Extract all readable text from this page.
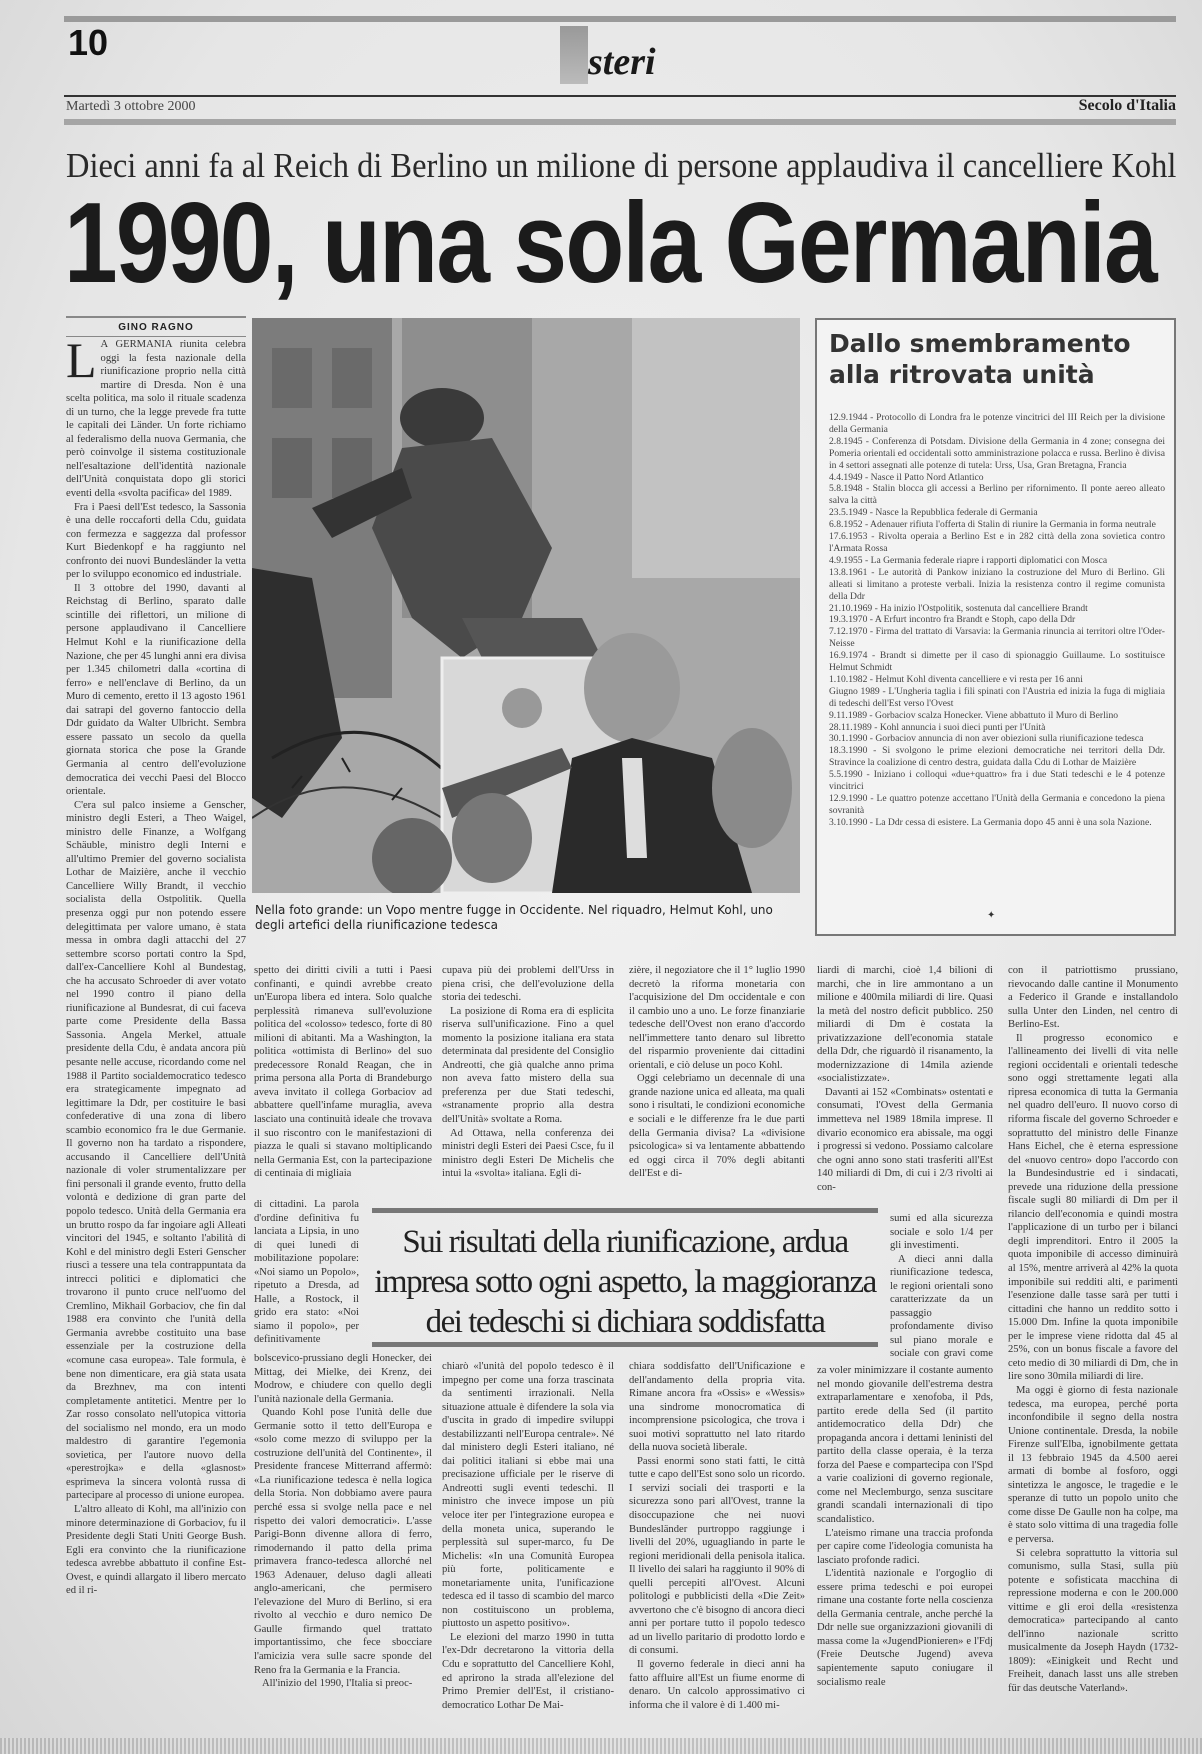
10	steri
Martedì 3 ottobre 2000	Secolo d'Italia
Dieci anni fa al Reich di Berlino un milione di persone applaudiva il cancelliere Kohl
1990, una sola Germania
GINO RAGNO
L A GERMANIA riunita celebra oggi la festa nazionale della riunificazione proprio nella città martire di Dresda. Non è una scelta politica, ma solo il rituale scadenza di un turno, che la legge prevede fra tutte le capitali dei Länder. Un forte richiamo al federalismo della nuova Germania, che però coinvolge il sistema costituzionale nell'esaltazione dell'identità nazionale dell'Unità conquistata dopo gli storici eventi della «svolta pacifica» del 1989.

Fra i Paesi dell'Est tedesco, la Sassonia è una delle roccaforti della Cdu, guidata con fermezza e saggezza dal professor Kurt Biedenkopf e ha raggiunto nel confronto dei nuovi Bundesländer la vetta per lo sviluppo economico ed industriale.

Il 3 ottobre del 1990, davanti al Reichstag di Berlino, sparato dalle scintille dei riflettori, un milione di persone applaudivano il Cancelliere Helmut Kohl e la riunificazione della Nazione, che per 45 lunghi anni era divisa per 1.345 chilometri dalla «cortina di ferro» e nell'enclave di Berlino, da un Muro di cemento, eretto il 13 agosto 1961 dai satrapi del governo fantoccio della Ddr guidato da Walter Ulbricht. Sembra essere passato un secolo da quella giornata storica che pose la Grande Germania al centro dell'evoluzione democratica dei vecchi Paesi del Blocco orientale.

C'era sul palco insieme a Genscher, ministro degli Esteri, a Theo Waigel, ministro delle Finanze, a Wolfgang Schäuble, ministro degli Interni e all'ultimo Premier del governo socialista Lothar de Maizière, anche il vecchio Cancelliere Willy Brandt, il vecchio socialista della Ostpolitik. Quella presenza oggi pur non potendo essere delegittimata per valore umano, è stata messa in ombra dagli attacchi del 27 settembre scorso portati contro la Spd, dall'ex-Cancelliere Kohl al Bundestag, che ha accusato Schroeder di aver votato nel 1990 contro il piano della riunificazione al Bundesrat, di cui faceva parte come Presidente della Bassa Sassonia. Angela Merkel, attuale presidente della Cdu, è andata ancora più pesante nelle accuse, ricordando come nel 1988 il Partito socialdemocratico tedesco era strategicamente impegnato ad legittimare la Ddr, per costituire le basi confederative di una zona di libero scambio economico fra le due Germanie. Il governo non ha tardato a rispondere, accusando il Cancelliere dell'Unità nazionale di voler strumentalizzare per fini personali il grande evento, frutto della volontà e dedizione di gran parte del popolo tedesco. Unità della Germania era un brutto rospo da far ingoiare agli Alleati vincitori del 1945, e soltanto l'abilità di Kohl e del ministro degli Esteri Genscher riuscì a tessere una tela contrappuntata da intrecci politici e diplomatici che trovarono il punto cruce nell'uomo del Cremlino, Mikhail Gorbaciov, che fin dal 1988 era convinto che l'unità della Germania avrebbe costituito una base essenziale per la costruzione della «comune casa europea». Tale formula, è bene non dimenticare, era già stata usata da Brezhnev, ma con intenti completamente antitetici. Mentre per lo Zar rosso consolato nell'utopica vittoria del socialismo nel mondo, era un modo maldestro di garantire l'egemonia sovietica, per l'autore nuovo della «perestrojka» e della «glasnost» esprimeva la sincera volontà russa di partecipare al processo di unione europea.

L'altro alleato di Kohl, ma all'inizio con minore determinazione di Gorbaciov, fu il Presidente degli Stati Uniti George Bush. Egli era convinto che la riunificazione tedesca avrebbe abbattuto il confine Est-Ovest, e quindi allargato il libero mercato ed il ri-

Nella foto grande: un Vopo mentre fugge in Occidente. Nel riquadro, Helmut Kohl, uno degli artefici della riunificazione tedesca
Dallo smembramento
alla ritrovata unità
12.9.1944 - Protocollo di Londra fra le potenze vincitrici del III Reich per la divisione della Germania
2.8.1945 - Conferenza di Potsdam. Divisione della Germania in 4 zone; consegna dei Pomeria orientali ed occidentali sotto amministrazione polacca e russa. Berlino è divisa in 4 settori assegnati alle potenze di tutela: Urss, Usa, Gran Bretagna, Francia
4.4.1949 - Nasce il Patto Nord Atlantico
5.8.1948 - Stalin blocca gli accessi a Berlino per rifornimento. Il ponte aereo alleato salva la città
23.5.1949 - Nasce la Repubblica federale di Germania
6.8.1952 - Adenauer rifiuta l'offerta di Stalin di riunire la Germania in forma neutrale
17.6.1953 - Rivolta operaia a Berlino Est e in 282 città della zona sovietica contro l'Armata Rossa
4.9.1955 - La Germania federale riapre i rapporti diplomatici con Mosca
13.8.1961 - Le autorità di Pankow iniziano la costruzione del Muro di Berlino. Gli alleati si limitano a proteste verbali. Inizia la resistenza contro il regime comunista della Ddr
21.10.1969 - Ha inizio l'Ostpolitik, sostenuta dal cancelliere Brandt
19.3.1970 - A Erfurt incontro fra Brandt e Stoph, capo della Ddr
7.12.1970 - Firma del trattato di Varsavia: la Germania rinuncia ai territori oltre l'Oder-Neisse
16.9.1974 - Brandt si dimette per il caso di spionaggio Guillaume. Lo sostituisce Helmut Schmidt
1.10.1982 - Helmut Kohl diventa cancelliere e vi resta per 16 anni
Giugno 1989 - L'Ungheria taglia i fili spinati con l'Austria ed inizia la fuga di migliaia di tedeschi dell'Est verso l'Ovest
9.11.1989 - Gorbaciov scalza Honecker. Viene abbattuto il Muro di Berlino
28.11.1989 - Kohl annuncia i suoi dieci punti per l'Unità
30.1.1990 - Gorbaciov annuncia di non aver obiezioni sulla riunificazione tedesca
18.3.1990 - Si svolgono le prime elezioni democratiche nei territori della Ddr. Stravince la coalizione di centro destra, guidata dalla Cdu di Lothar de Maizière
5.5.1990 - Iniziano i colloqui «due+quattro» fra i due Stati tedeschi e le 4 potenze vincitrici
12.9.1990 - Le quattro potenze accettano l'Unità della Germania e concedono la piena sovranità
3.10.1990 - La Ddr cessa di esistere. La Germania dopo 45 anni è una sola Nazione.
✦

spetto dei diritti civili a tutti i Paesi confinanti, e quindi avrebbe creato un'Europa libera ed intera. Solo qualche perplessità rimaneva sull'evoluzione politica del «colosso» tedesco, forte di 80 milioni di abitanti. Ma a Washington, la politica «ottimista di Berlino» del suo predecessore Ronald Reagan, che in prima persona alla Porta di Brandeburgo aveva invitato il collega Gorbaciov ad abbattere quell'infame muraglia, aveva lasciato una continuità ideale che trovava il suo riscontro con le manifestazioni di piazza le quali si stavano moltiplicando nella Germania Est, con la partecipazione di centinaia di migliaia

di cittadini. La parola d'ordine definitiva fu lanciata a Lipsia, in uno di quei lunedì di mobilitazione popolare: «Noi siamo un Popolo», ripetuto a Dresda, ad Halle, a Rostock, il grido era stato: «Noi siamo il popolo», per definitivamente

bolscevico-prussiano degli Honecker, dei Mittag, dei Mielke, dei Krenz, dei Modrow, e chiudere con quello degli l'unità nazionale della Germania.

Quando Kohl pose l'unità delle due Germanie sotto il tetto dell'Europa e «solo come mezzo di sviluppo per la costruzione dell'unità del Continente», il Presidente francese Mitterrand affermò: «La riunificazione tedesca è nella logica della Storia. Non dobbiamo avere paura perché essa si svolge nella pace e nel rispetto dei valori democratici». L'asse Parigi-Bonn divenne allora di ferro, rimodernando il patto della prima primavera franco-tedesca allorché nel 1963 Adenauer, deluso dagli alleati anglo-americani, che permisero l'elevazione del Muro di Berlino, si era rivolto al vecchio e duro nemico De Gaulle firmando quel trattato importantissimo, che fece sbocciare l'amicizia vera sulle sacre sponde del Reno fra la Germania e la Francia.

All'inizio del 1990, l'Italia si preoc-

cupava più dei problemi dell'Urss in piena crisi, che dell'evoluzione della storia dei tedeschi.

La posizione di Roma era di esplicita riserva sull'unificazione. Fino a quel momento la posizione italiana era stata determinata dal presidente del Consiglio Andreotti, che già qualche anno prima non aveva fatto mistero della sua preferenza per due Stati tedeschi, «stranamente proprio alla destra dell'Unità» svoltate a Roma.

Ad Ottawa, nella conferenza dei ministri degli Esteri dei Paesi Csce, fu il ministro degli Esteri De Michelis che intuì la «svolta» italiana. Egli di-

chiarò «l'unità del popolo tedesco è il impegno per come una forza trascinata da sentimenti irrazionali. Nella situazione attuale è difendere la sola via d'uscita in grado di impedire sviluppi destabilizzanti nell'Europa centrale». Né dal ministero degli Esteri italiano, né dai politici italiani si ebbe mai una precisazione ufficiale per le riserve di Andreotti sugli eventi tedeschi. Il ministro che invece impose un più veloce iter per l'integrazione europea e della moneta unica, superando le perplessità sul super-marco, fu De Michelis: «In una Comunità Europea più forte, politicamente e monetariamente unita, l'unificazione tedesca ed il tasso di scambio del marco non costituiscono un problema, piuttosto un aspetto positivo».

Le elezioni del marzo 1990 in tutta l'ex-Ddr decretarono la vittoria della Cdu e soprattutto del Cancelliere Kohl, ed aprirono la strada all'elezione del Primo Premier dell'Est, il cristiano-democratico Lothar De Mai-

zière, il negoziatore che il 1° luglio 1990 decretò la riforma monetaria con l'acquisizione del Dm occidentale e con il cambio uno a uno. Le forze finanziarie tedesche dell'Ovest non erano d'accordo nell'immettere tanto denaro sul libretto del risparmio proveniente dai cittadini orientali, e ciò deluse un poco Kohl.

Oggi celebriamo un decennale di una grande nazione unica ed alleata, ma quali sono i risultati, le condizioni economiche e sociali e le differenze fra le due parti della Germania divisa? La «divisione psicologica» si va lentamente abbattendo ed oggi circa il 70% degli abitanti dell'Est e di-

chiara soddisfatto dell'Unificazione e dell'andamento della propria vita. Rimane ancora fra «Ossis» e «Wessis» una sindrome monocromatica di incomprensione psicologica, che trova i suoi motivi soprattutto nel lato ritardo della nuova società liberale.

Passi enormi sono stati fatti, le città tutte e capo dell'Est sono solo un ricordo. I servizi sociali dei trasporti e la sicurezza sono pari all'Ovest, tranne la disoccupazione che nei nuovi Bundesländer purtroppo raggiunge i livelli del 20%, uguagliando in parte le regioni meridionali della penisola italica. Il livello dei salari ha raggiunto il 90% di quelli percepiti all'Ovest. Alcuni politologi e pubblicisti della «Die Zeit» avvertono che c'è bisogno di ancora dieci anni per portare tutto il popolo tedesco ad un livello paritario di prodotto lordo e di consumi.

Il governo federale in dieci anni ha fatto affluire all'Est un fiume enorme di denaro. Un calcolo approssimativo ci informa che il valore è di 1.400 mi-

liardi di marchi, cioè 1,4 bilioni di marchi, che in lire ammontano a un milione e 400mila miliardi di lire. Quasi la metà del nostro deficit pubblico. 250 miliardi di Dm è costata la privatizzazione dell'economia statale della Ddr, che riguardò il risanamento, la modernizzazione di 14mila aziende «socialistizzate».

Davanti ai 152 «Combinats» ostentati e consumati, l'Ovest della Germania immetteva nel 1989 18mila imprese. Il divario economico era abissale, ma oggi i progressi si vedono. Possiamo calcolare che ogni anno sono stati trasferiti all'Est 140 miliardi di Dm, di cui i 2/3 rivolti ai con-

sumi ed alla sicurezza sociale e solo 1/4 per gli investimenti.

A dieci anni dalla riunificazione tedesca, le regioni orientali sono caratterizzate da un passaggio profondamente diviso sul piano morale e sociale con gravi come

za voler minimizzare il costante aumento nel mondo giovanile dell'estrema destra extraparlamentare e xenofoba, il Pds, partito erede della Sed (il partito antidemocratico della Ddr) che propaganda ancora i dettami leninisti del partito della classe operaia, è la terza forza del Paese e compartecipa con l'Spd a varie coalizioni di governo regionale, come nel Meclemburgo, senza suscitare grandi scandali internazionali di tipo scandalistico.

L'ateismo rimane una traccia profonda per capire come l'ideologia comunista ha lasciato profonde radici.

L'identità nazionale e l'orgoglio di essere prima tedeschi e poi europei rimane una costante forte nella coscienza della Germania centrale, anche perché la Ddr nelle sue organizzazioni giovanili di massa come la «JugendPionieren» e l'Fdj (Freie Deutsche Jugend) aveva sapientemente saputo coniugare il socialismo reale

con il patriottismo prussiano, rievocando dalle cantine il Monumento a Federico il Grande e installandolo sulla Unter den Linden, nel centro di Berlino-Est.

Il progresso economico e l'allineamento dei livelli di vita nelle regioni occidentali e orientali tedesche sono oggi strettamente legati alla ripresa economica di tutta la Germania nel quadro dell'euro. Il nuovo corso di riforma fiscale del governo Schroeder e soprattutto del ministro delle Finanze Hans Eichel, che è eterna espressione del «nuovo centro» dopo l'accordo con la Bundesindustrie ed i sindacati, prevede una riduzione della pressione fiscale sugli 80 miliardi di Dm per il rilancio dell'economia e quindi mostra l'applicazione di un turbo per i bilanci degli imprenditori. Entro il 2005 la quota imponibile di accesso diminuirà al 15%, mentre arriverà al 42% la quota imponibile sui redditi alti, e parimenti l'esenzione dalle tasse sarà per tutti i cittadini che hanno un reddito sotto i 15.000 Dm. Infine la quota imponibile per le imprese viene ridotta dal 45 al 25%, con un bonus fiscale a favore del ceto medio di 30 miliardi di Dm, che in lire sono 30mila miliardi di lire.

Ma oggi è giorno di festa nazionale tedesca, ma europea, perché porta inconfondibile il segno della nostra Unione continentale. Dresda, la nobile Firenze sull'Elba, ignobilmente gettata il 13 febbraio 1945 da 4.500 aerei armati di bombe al fosforo, oggi sintetizza le angosce, le tragedie e le speranze di tutto un popolo unito che come disse De Gaulle non ha colpe, ma è stato solo vittima di una tragedia folle e perversa.

Si celebra soprattutto la vittoria sul comunismo, sulla Stasi, sulla più potente e sofisticata macchina di repressione moderna e con le 200.000 vittime e gli eroi della «resistenza democratica» partecipando al canto dell'inno nazionale scritto musicalmente da Joseph Haydn (1732-1809): «Einigkeit und Recht und Freiheit, danach lasst uns alle streben für das deutsche Vaterland».

Sui risultati della riunificazione, ardua
impresa sotto ogni aspetto, la maggioranza
dei tedeschi si dichiara soddisfatta
